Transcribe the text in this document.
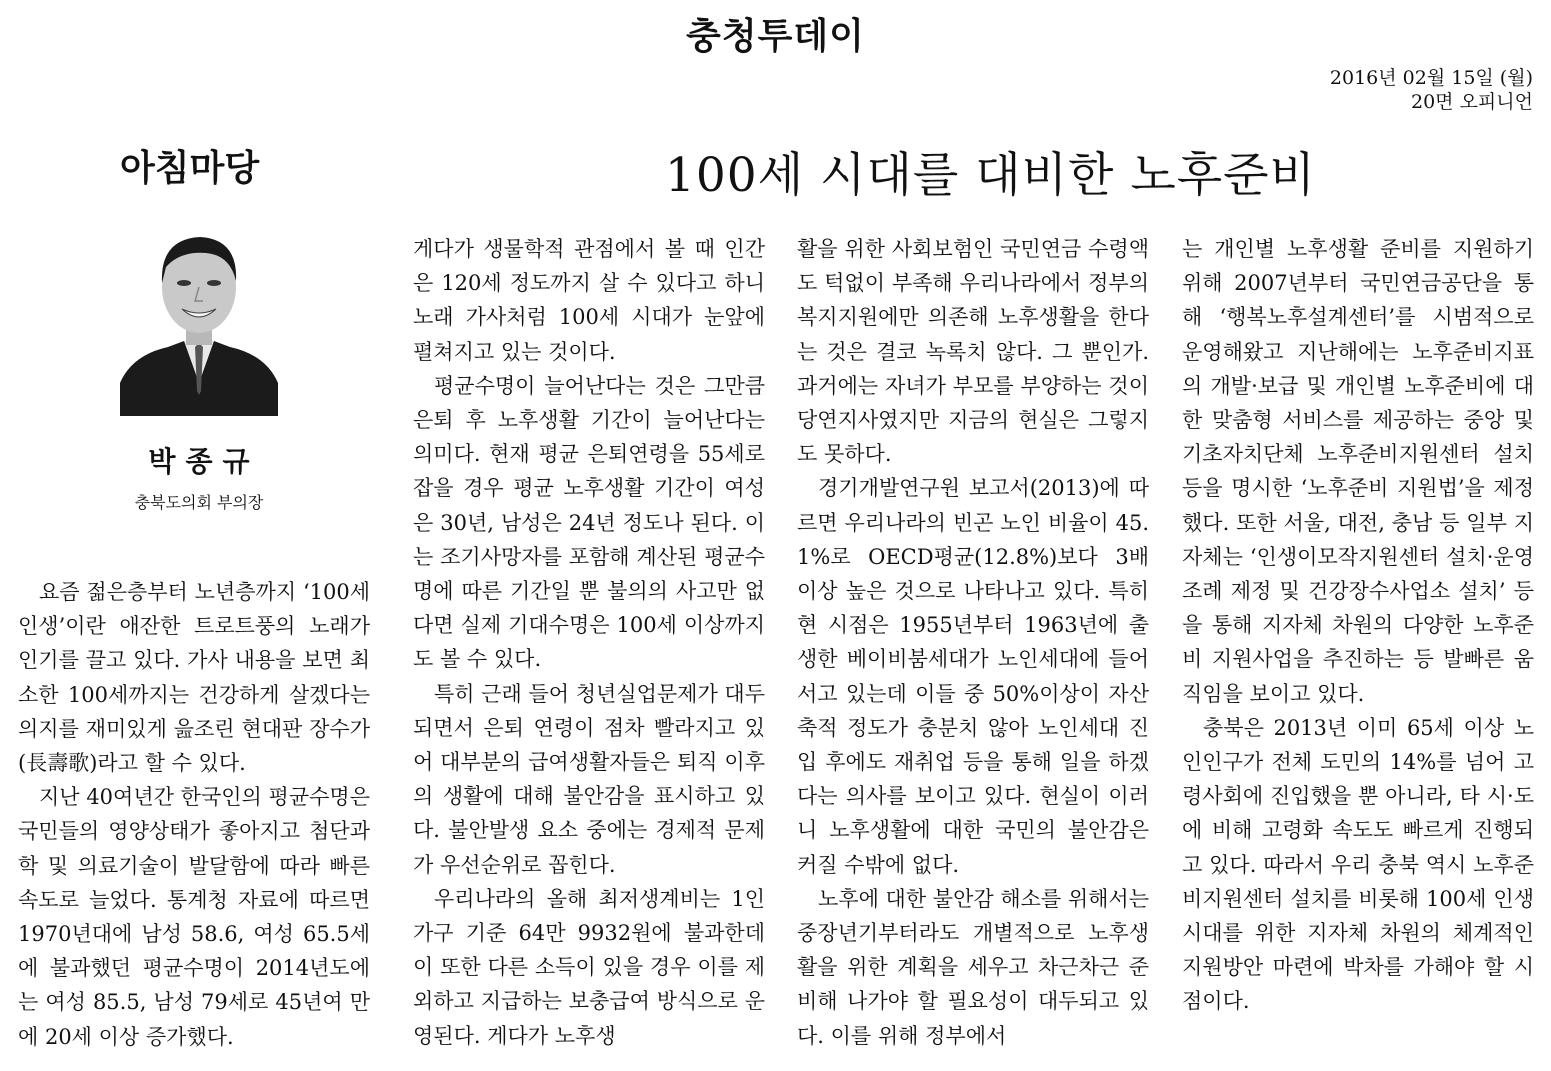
충청투데이
2016년 02월 15일 (월)
20면 오피니언
아침마당	100세 시대를 대비한 노후준비
박종규
충북도의회 부의장

요즘 젊은층부터 노년층까지 ‘100세 인생’이란 애잔한 트로트풍의 노래가 인기를 끌고 있다. 가사 내용을 보면 최소한 100세까지는 건강하게 살겠다는 의지를 재미있게 읊조린 현대판 장수가(長壽歌)라고 할 수 있다.

지난 40여년간 한국인의 평균수명은 국민들의 영양상태가 좋아지고 첨단과학 및 의료기술이 발달함에 따라 빠른 속도로 늘었다. 통계청 자료에 따르면 1970년대에 남성 58.6, 여성 65.5세에 불과했던 평균수명이 2014년도에는 여성 85.5, 남성 79세로 45년여 만에 20세 이상 증가했다.

게다가 생물학적 관점에서 볼 때 인간은 120세 정도까지 살 수 있다고 하니 노래 가사처럼 100세 시대가 눈앞에 펼쳐지고 있는 것이다.

평균수명이 늘어난다는 것은 그만큼 은퇴 후 노후생활 기간이 늘어난다는 의미다. 현재 평균 은퇴연령을 55세로 잡을 경우 평균 노후생활 기간이 여성은 30년, 남성은 24년 정도나 된다. 이는 조기사망자를 포함해 계산된 평균수명에 따른 기간일 뿐 불의의 사고만 없다면 실제 기대수명은 100세 이상까지도 볼 수 있다.

특히 근래 들어 청년실업문제가 대두되면서 은퇴 연령이 점차 빨라지고 있어 대부분의 급여생활자들은 퇴직 이후의 생활에 대해 불안감을 표시하고 있다. 불안발생 요소 중에는 경제적 문제가 우선순위로 꼽힌다.

우리나라의 올해 최저생계비는 1인 가구 기준 64만 9932원에 불과한데 이 또한 다른 소득이 있을 경우 이를 제외하고 지급하는 보충급여 방식으로 운영된다. 게다가 노후생

활을 위한 사회보험인 국민연금 수령액도 턱없이 부족해 우리나라에서 정부의 복지지원에만 의존해 노후생활을 한다는 것은 결코 녹록치 않다. 그 뿐인가. 과거에는 자녀가 부모를 부양하는 것이 당연지사였지만 지금의 현실은 그렇지도 못하다.

경기개발연구원 보고서(2013)에 따르면 우리나라의 빈곤 노인 비율이 45.1%로 OECD평균(12.8%)보다 3배 이상 높은 것으로 나타나고 있다. 특히 현 시점은 1955년부터 1963년에 출생한 베이비붐세대가 노인세대에 들어서고 있는데 이들 중 50%이상이 자산축적 정도가 충분치 않아 노인세대 진입 후에도 재취업 등을 통해 일을 하겠다는 의사를 보이고 있다. 현실이 이러니 노후생활에 대한 국민의 불안감은 커질 수밖에 없다.

노후에 대한 불안감 해소를 위해서는 중장년기부터라도 개별적으로 노후생활을 위한 계획을 세우고 차근차근 준비해 나가야 할 필요성이 대두되고 있다. 이를 위해 정부에서

는 개인별 노후생활 준비를 지원하기 위해 2007년부터 국민연금공단을 통해 ‘행복노후설계센터’를 시범적으로 운영해왔고 지난해에는 노후준비지표의 개발·보급 및 개인별 노후준비에 대한 맞춤형 서비스를 제공하는 중앙 및 기초자치단체 노후준비지원센터 설치 등을 명시한 ‘노후준비 지원법’을 제정했다. 또한 서울, 대전, 충남 등 일부 지자체는 ‘인생이모작지원센터 설치·운영 조례 제정 및 건강장수사업소 설치’ 등을 통해 지자체 차원의 다양한 노후준비 지원사업을 추진하는 등 발빠른 움직임을 보이고 있다.

충북은 2013년 이미 65세 이상 노인인구가 전체 도민의 14%를 넘어 고령사회에 진입했을 뿐 아니라, 타 시·도에 비해 고령화 속도도 빠르게 진행되고 있다. 따라서 우리 충북 역시 노후준비지원센터 설치를 비롯해 100세 인생 시대를 위한 지자체 차원의 체계적인 지원방안 마련에 박차를 가해야 할 시점이다.
